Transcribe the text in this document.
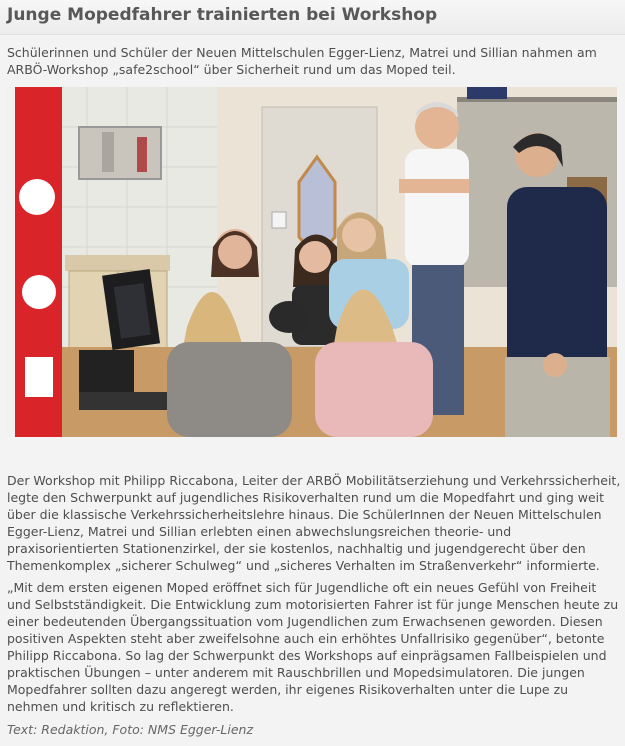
Junge Mopedfahrer trainierten bei Workshop

Schülerinnen und Schüler der Neuen Mittelschulen Egger-Lienz, Matrei und Sillian nahmen am ARBÖ-Workshop „safe2school“ über Sicherheit rund um das Moped teil.

Der Workshop mit Philipp Riccabona, Leiter der ARBÖ Mobilitätserziehung und Verkehrssicherheit, legte den Schwerpunkt auf jugendliches Risikoverhalten rund um die Mopedfahrt und ging weit über die klassische Verkehrssicherheitslehre hinaus. Die SchülerInnen der Neuen Mittelschulen Egger-Lienz, Matrei und Sillian erlebten einen abwechslungsreichen theorie- und praxisorientierten Stationenzirkel, der sie kostenlos, nachhaltig und jugendgerecht über den Themenkomplex „sicherer Schulweg“ und „sicheres Verhalten im Straßenverkehr“ informierte.

„Mit dem ersten eigenen Moped eröffnet sich für Jugendliche oft ein neues Gefühl von Freiheit und Selbstständigkeit. Die Entwicklung zum motorisierten Fahrer ist für junge Menschen heute zu einer bedeutenden Übergangssituation vom Jugendlichen zum Erwachsenen geworden. Diesen positiven Aspekten steht aber zweifelsohne auch ein erhöhtes Unfallrisiko gegenüber“, betonte Philipp Riccabona. So lag der Schwerpunkt des Workshops auf einprägsamen Fallbeispielen und praktischen Übungen – unter anderem mit Rauschbrillen und Mopedsimulatoren. Die jungen Mopedfahrer sollten dazu angeregt werden, ihr eigenes Risikoverhalten unter die Lupe zu nehmen und kritisch zu reflektieren.

Text: Redaktion, Foto: NMS Egger-Lienz
